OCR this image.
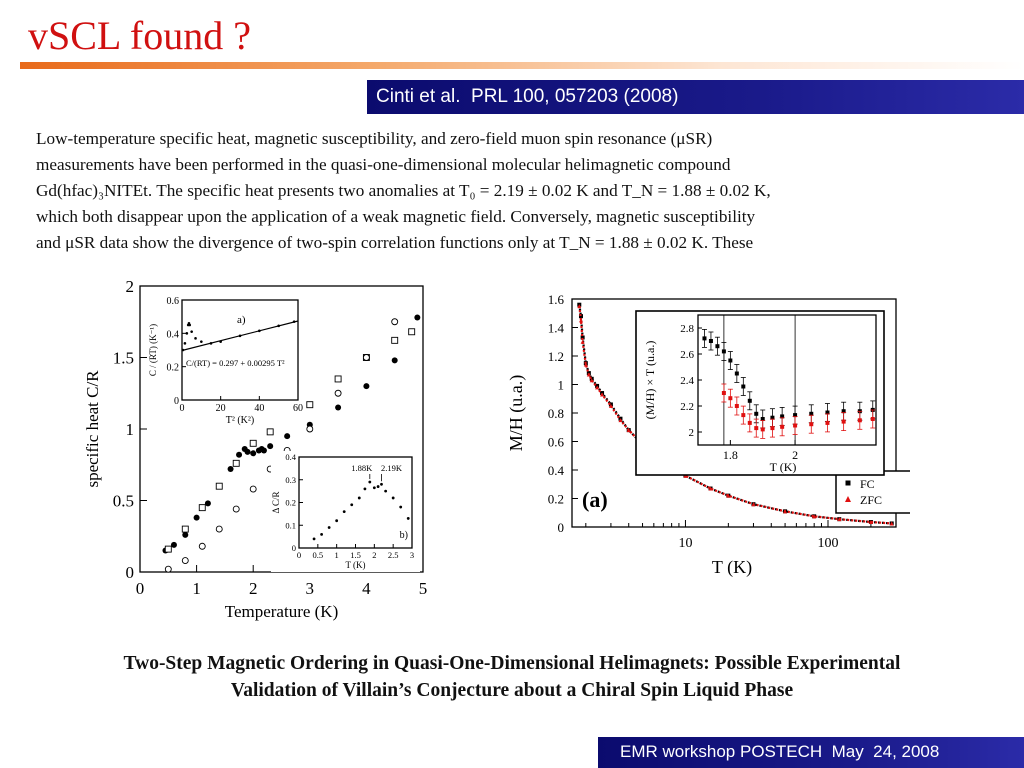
vSCL found ?
Cinti et al.  PRL 100, 057203 (2008)

Low-temperature specific heat, magnetic susceptibility, and zero-field muon spin resonance (μSR)

measurements have been performed in the quasi-one-dimensional molecular helimagnetic compound

Gd(hfac)₃NITEt. The specific heat presents two anomalies at T₀ = 2.19 ± 0.02 K and T_N = 1.88 ± 0.02 K,

which both disappear upon the application of a weak magnetic field. Conversely, magnetic susceptibility

and μSR data show the divergence of two-spin correlation functions only at T_N = 1.88 ± 0.02 K. These

0	1	2	3	4	5
0
0.5
1
1.5
2
Temperature (K)
specific heat C/R	0	20	40	60
0
0.2
0.4
0.6
T² (K²)
C / (RT) (K⁻¹)
a)
C/(RT) = 0.297 + 0.00295 T²
0 0.5 1 1.5 2 2.5 3
0
0.1
0.2
0.3
0.4
T (K)
Δ C/R
b)
1.88K 2.19K
10	100
0
0.2
0.4
0.6
0.8
1
1.2
1.4
1.6
T (K)
M/H (u.a.)
(a)
FC
ZFC
1.8	2
T (K)
2
2.2
2.4
2.6
2.8
(M/H) × T (u.a.)
Two-Step Magnetic Ordering in Quasi-One-Dimensional Helimagnets: Possible Experimental
Validation of Villain’s Conjecture about a Chiral Spin Liquid Phase
EMR workshop POSTECH  May  24, 2008
